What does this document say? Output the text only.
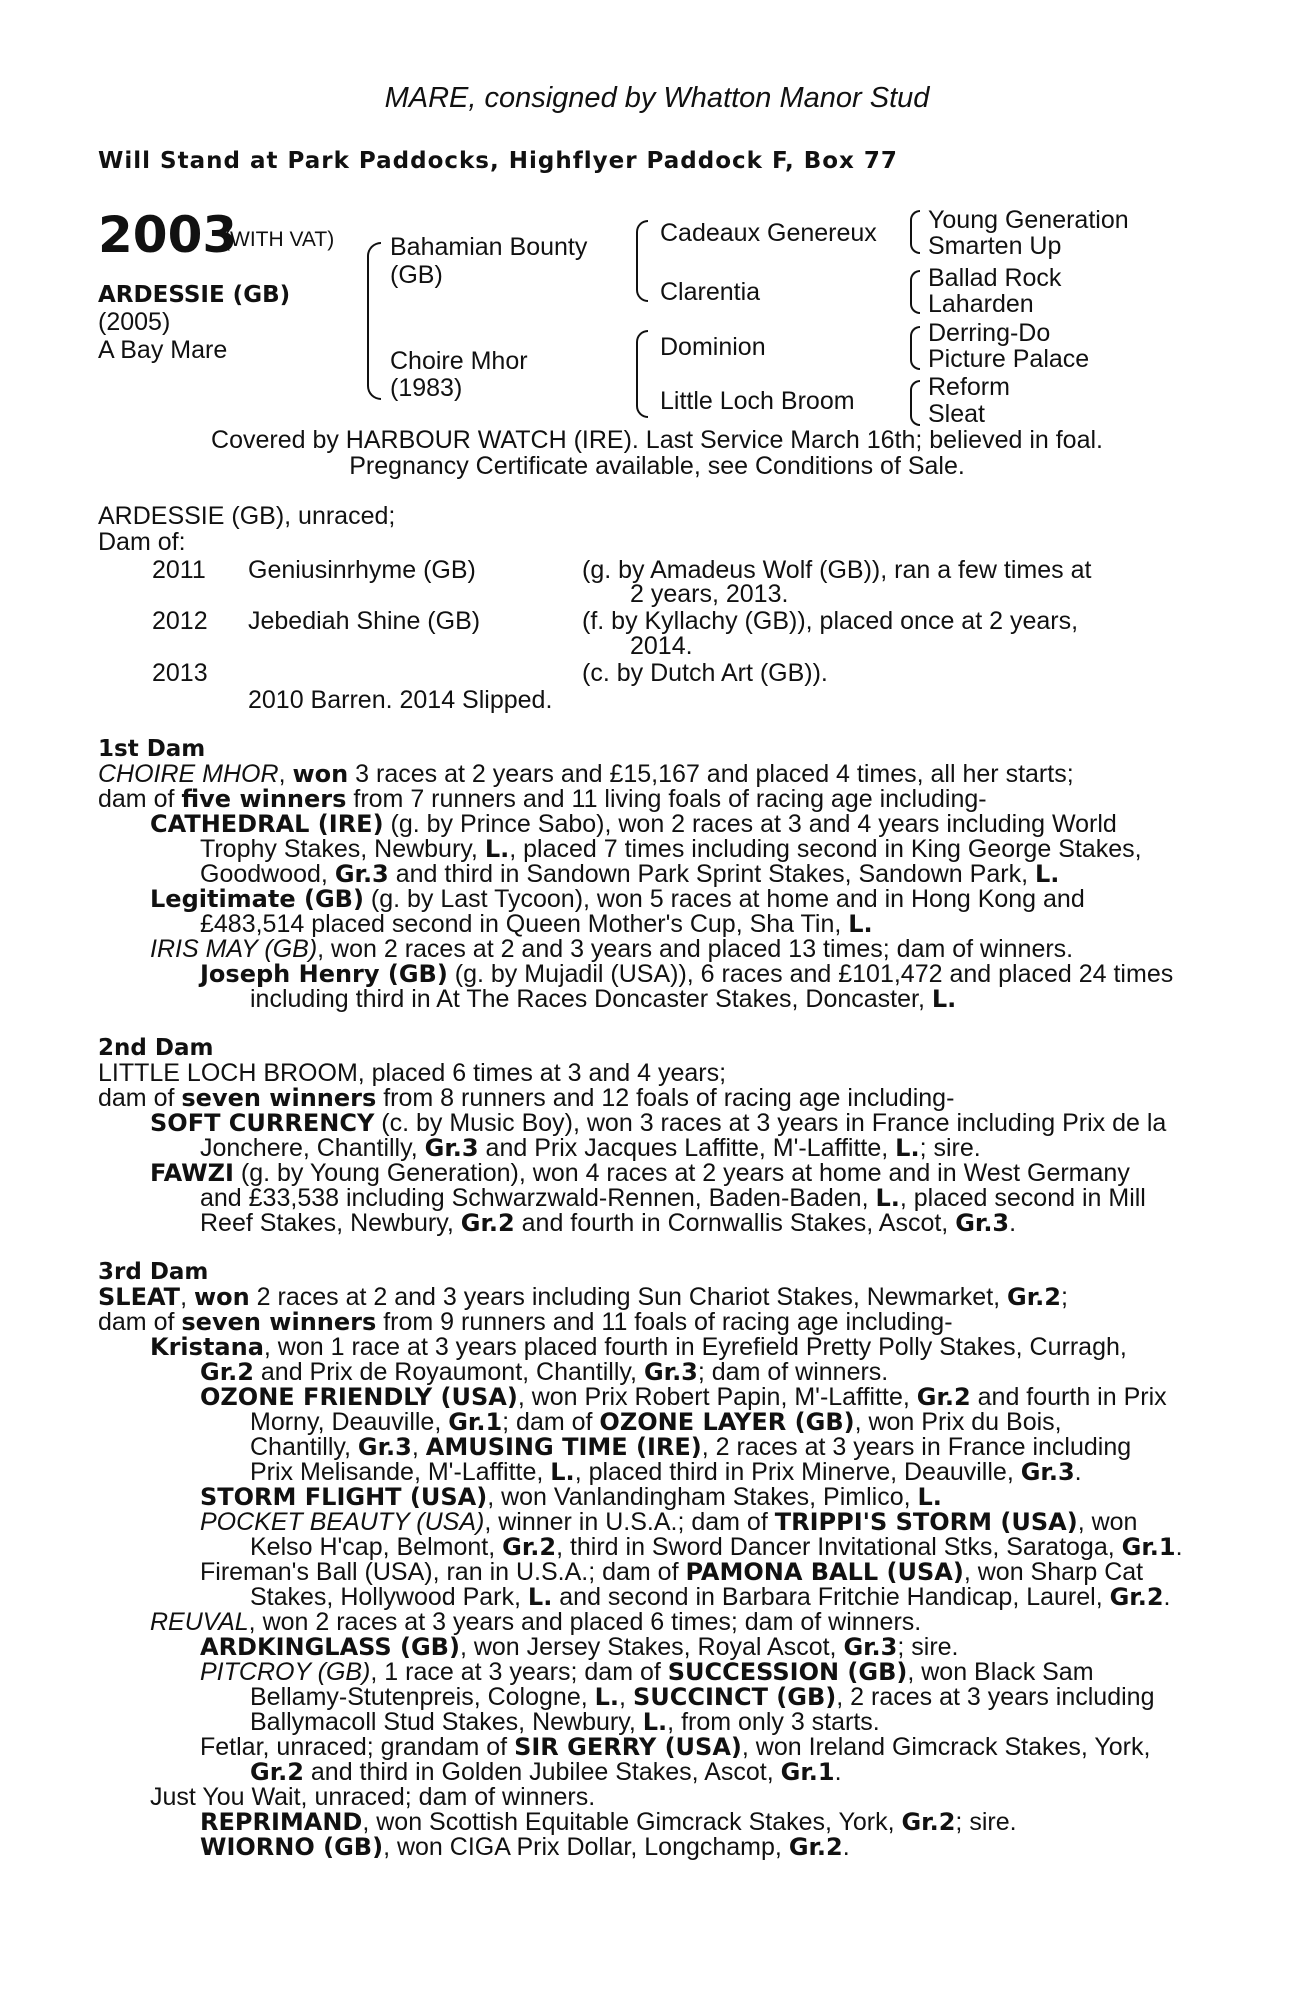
MARE, consigned by Whatton Manor Stud
Will Stand at Park Paddocks, Highflyer Paddock F, Box 77
2003
(WITH VAT)
ARDESSIE (GB)
(2005)
A Bay Mare
Bahamian Bounty
(GB)
Choire Mhor
(1983)
Cadeaux Genereux
Clarentia
Dominion
Little Loch Broom
Young Generation
Smarten Up
Ballad Rock
Laharden
Derring-Do
Picture Palace
Reform
Sleat
Covered by HARBOUR WATCH (IRE). Last Service March 16th; believed in foal.
Pregnancy Certificate available, see Conditions of Sale.
ARDESSIE (GB), unraced;
Dam of:
2011 Geniusinrhyme (GB)	(g. by Amadeus Wolf (GB)), ran a few times at
2 years, 2013.
2012 Jebediah Shine (GB)	(f. by Kyllachy (GB)), placed once at 2 years,
2014.
2013	(c. by Dutch Art (GB)).
2010 Barren. 2014 Slipped.
1st Dam
CHOIRE MHOR, won 3 races at 2 years and £15,167 and placed 4 times, all her starts;
dam of five winners from 7 runners and 11 living foals of racing age including-
CATHEDRAL (IRE) (g. by Prince Sabo), won 2 races at 3 and 4 years including World
Trophy Stakes, Newbury, L., placed 7 times including second in King George Stakes,
Goodwood, Gr.3 and third in Sandown Park Sprint Stakes, Sandown Park, L.
Legitimate (GB) (g. by Last Tycoon), won 5 races at home and in Hong Kong and
£483,514 placed second in Queen Mother's Cup, Sha Tin, L.
IRIS MAY (GB), won 2 races at 2 and 3 years and placed 13 times; dam of winners.
Joseph Henry (GB) (g. by Mujadil (USA)), 6 races and £101,472 and placed 24 times
including third in At The Races Doncaster Stakes, Doncaster, L.
2nd Dam
LITTLE LOCH BROOM, placed 6 times at 3 and 4 years;
dam of seven winners from 8 runners and 12 foals of racing age including-
SOFT CURRENCY (c. by Music Boy), won 3 races at 3 years in France including Prix de la
Jonchere, Chantilly, Gr.3 and Prix Jacques Laffitte, M'-Laffitte, L.; sire.
FAWZI (g. by Young Generation), won 4 races at 2 years at home and in West Germany
and £33,538 including Schwarzwald-Rennen, Baden-Baden, L., placed second in Mill
Reef Stakes, Newbury, Gr.2 and fourth in Cornwallis Stakes, Ascot, Gr.3.
3rd Dam
SLEAT, won 2 races at 2 and 3 years including Sun Chariot Stakes, Newmarket, Gr.2;
dam of seven winners from 9 runners and 11 foals of racing age including-
Kristana, won 1 race at 3 years placed fourth in Eyrefield Pretty Polly Stakes, Curragh,
Gr.2 and Prix de Royaumont, Chantilly, Gr.3; dam of winners.
OZONE FRIENDLY (USA), won Prix Robert Papin, M'-Laffitte, Gr.2 and fourth in Prix
Morny, Deauville, Gr.1; dam of OZONE LAYER (GB), won Prix du Bois,
Chantilly, Gr.3, AMUSING TIME (IRE), 2 races at 3 years in France including
Prix Melisande, M'-Laffitte, L., placed third in Prix Minerve, Deauville, Gr.3.
STORM FLIGHT (USA), won Vanlandingham Stakes, Pimlico, L.
POCKET BEAUTY (USA), winner in U.S.A.; dam of TRIPPI'S STORM (USA), won
Kelso H'cap, Belmont, Gr.2, third in Sword Dancer Invitational Stks, Saratoga, Gr.1.
Fireman's Ball (USA), ran in U.S.A.; dam of PAMONA BALL (USA), won Sharp Cat
Stakes, Hollywood Park, L. and second in Barbara Fritchie Handicap, Laurel, Gr.2.
REUVAL, won 2 races at 3 years and placed 6 times; dam of winners.
ARDKINGLASS (GB), won Jersey Stakes, Royal Ascot, Gr.3; sire.
PITCROY (GB), 1 race at 3 years; dam of SUCCESSION (GB), won Black Sam
Bellamy-Stutenpreis, Cologne, L., SUCCINCT (GB), 2 races at 3 years including
Ballymacoll Stud Stakes, Newbury, L., from only 3 starts.
Fetlar, unraced; grandam of SIR GERRY (USA), won Ireland Gimcrack Stakes, York,
Gr.2 and third in Golden Jubilee Stakes, Ascot, Gr.1.
Just You Wait, unraced; dam of winners.
REPRIMAND, won Scottish Equitable Gimcrack Stakes, York, Gr.2; sire.
WIORNO (GB), won CIGA Prix Dollar, Longchamp, Gr.2.
